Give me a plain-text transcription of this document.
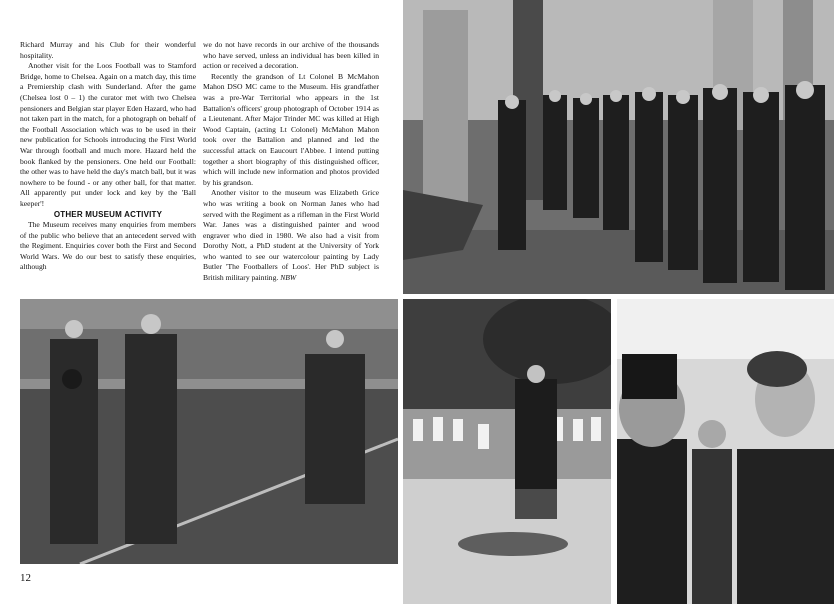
Richard Murray and his Club for their wonderful hospitality.

Another visit for the Loos Football was to Stamford Bridge, home to Chelsea. Again on a match day, this time a Premiership clash with Sunderland. After the game (Chelsea lost 0 – 1) the curator met with two Chelsea pensioners and Belgian star player Eden Hazard, who had not taken part in the match, for a photograph on behalf of the Football Association which was to be used in their new publication for Schools introducing the First World War through football and much more. Hazard held the book flanked by the pensioners. One held our Football: the other was to have held the day's match ball, but it was nowhere to be found - or any other ball, for that matter. All apparently put under lock and key by the 'Ball keeper'!

OTHER MUSEUM ACTIVITY

The Museum receives many enquiries from members of the public who believe that an antecedent served with the Regiment. Enquiries cover both the First and Second World Wars. We do our best to satisfy these enquiries, although

we do not have records in our archive of the thousands who have served, unless an individual has been killed in action or received a decoration.

Recently the grandson of Lt Colonel B McMahon Mahon DSO MC came to the Museum. His grandfather was a pre-War Territorial who appears in the 1st Battalion's officers' group photograph of October 1914 as a Lieutenant. After Major Trinder MC was killed at High Wood Captain, (acting Lt Colonel) McMahon Mahon took over the Battalion and planned and led the successful attack on Eaucourt l'Abbee. I intend putting together a short biography of this distinguished officer, which will include new information and photos provided by his grandson.

Another visitor to the museum was Elizabeth Grice who was writing a book on Norman Janes who had served with the Regiment as a rifleman in the First World War. Janes was a distinguished painter and wood engraver who died in 1980. We also had a visit from Dorothy Nott, a PhD student at the University of York who wanted to see our watercolour painting by Lady Butler 'The Footballers of Loos'. Her PhD subject is British military painting. NBW

12
